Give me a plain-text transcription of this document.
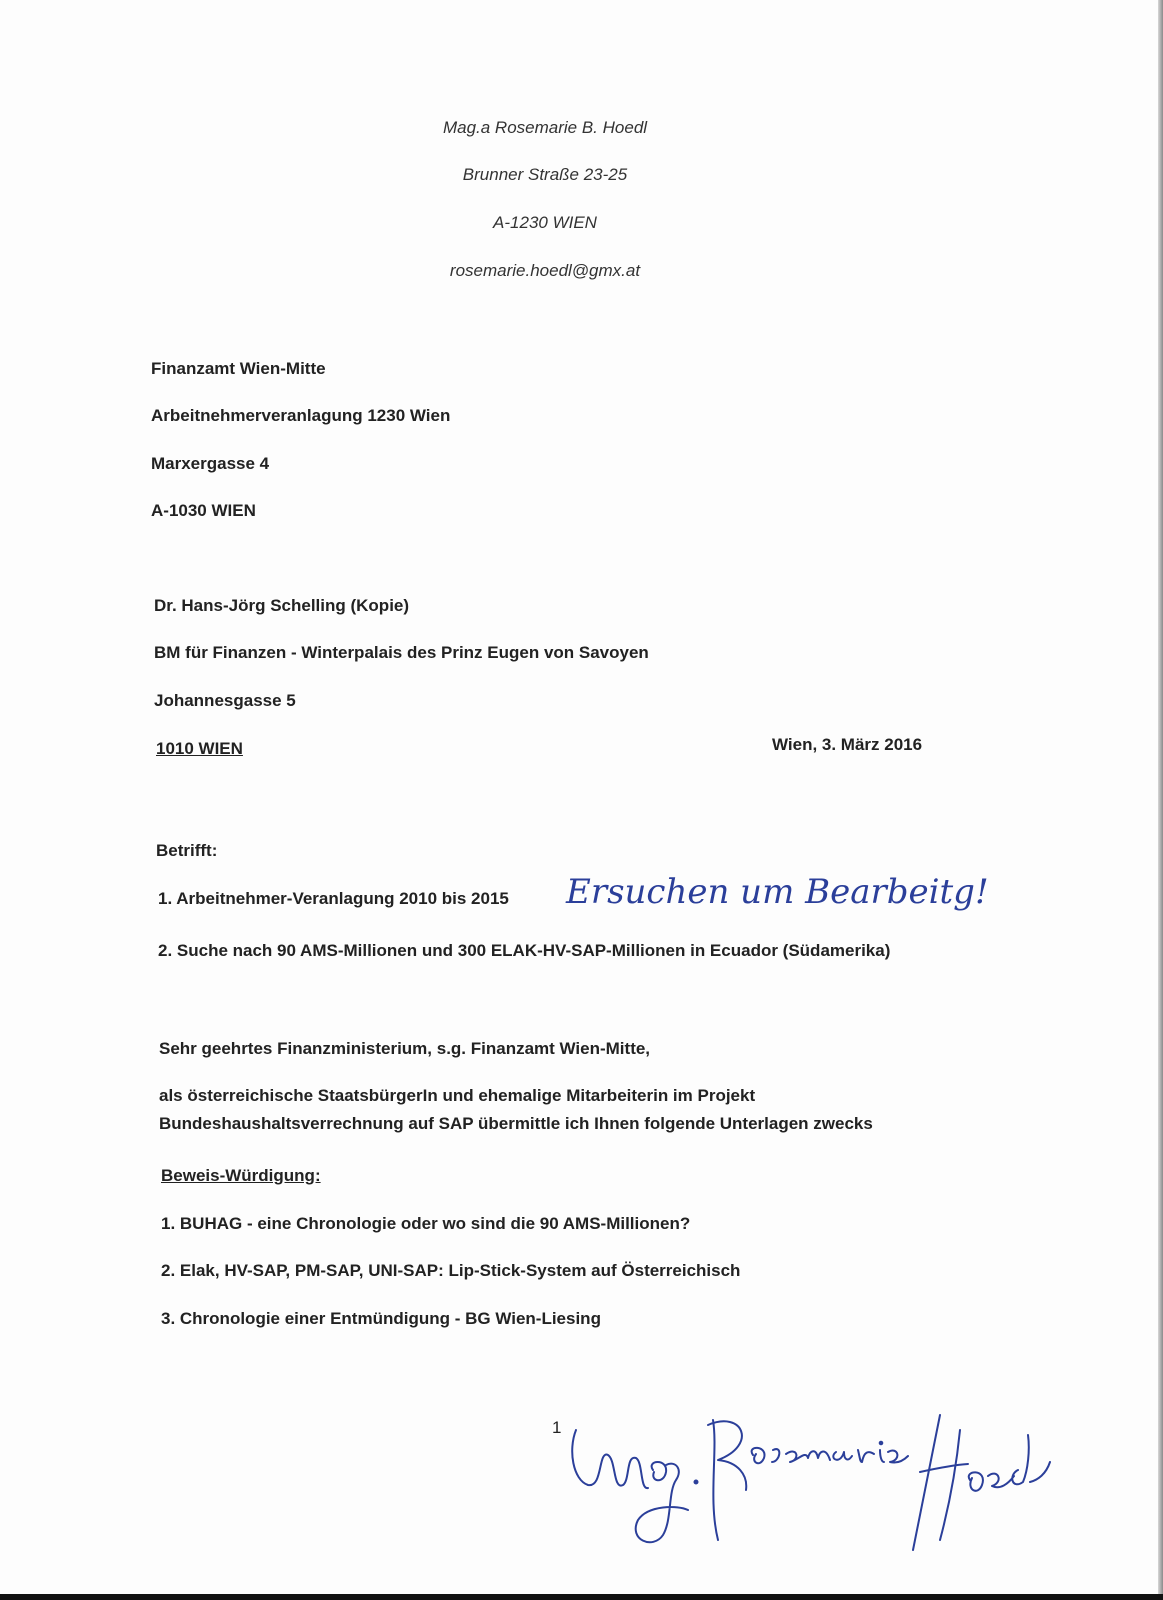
Mag.a Rosemarie B. Hoedl
Brunner Straße 23-25
A-1230 WIEN
rosemarie.hoedl@gmx.at
Finanzamt Wien-Mitte
Arbeitnehmerveranlagung 1230 Wien
Marxergasse 4
A-1030 WIEN
Dr. Hans-Jörg Schelling (Kopie)
BM für Finanzen - Winterpalais des Prinz Eugen von Savoyen
Johannesgasse 5
1010 WIEN	Wien, 3. März 2016
Betrifft:
1. Arbeitnehmer-Veranlagung 2010 bis 2015 Ersuchen um Bearbeitg!
2. Suche nach 90 AMS-Millionen und 300 ELAK-HV-SAP-Millionen in Ecuador (Südamerika)
Sehr geehrtes Finanzministerium, s.g. Finanzamt Wien-Mitte,
als österreichische StaatsbürgerIn und ehemalige Mitarbeiterin im Projekt
Bundeshaushaltsverrechnung auf SAP übermittle ich Ihnen folgende Unterlagen zwecks
Beweis-Würdigung:
1. BUHAG - eine Chronologie oder wo sind die 90 AMS-Millionen?
2. Elak, HV-SAP, PM-SAP, UNI-SAP: Lip-Stick-System auf Österreichisch
3. Chronologie einer Entmündigung - BG Wien-Liesing
1
